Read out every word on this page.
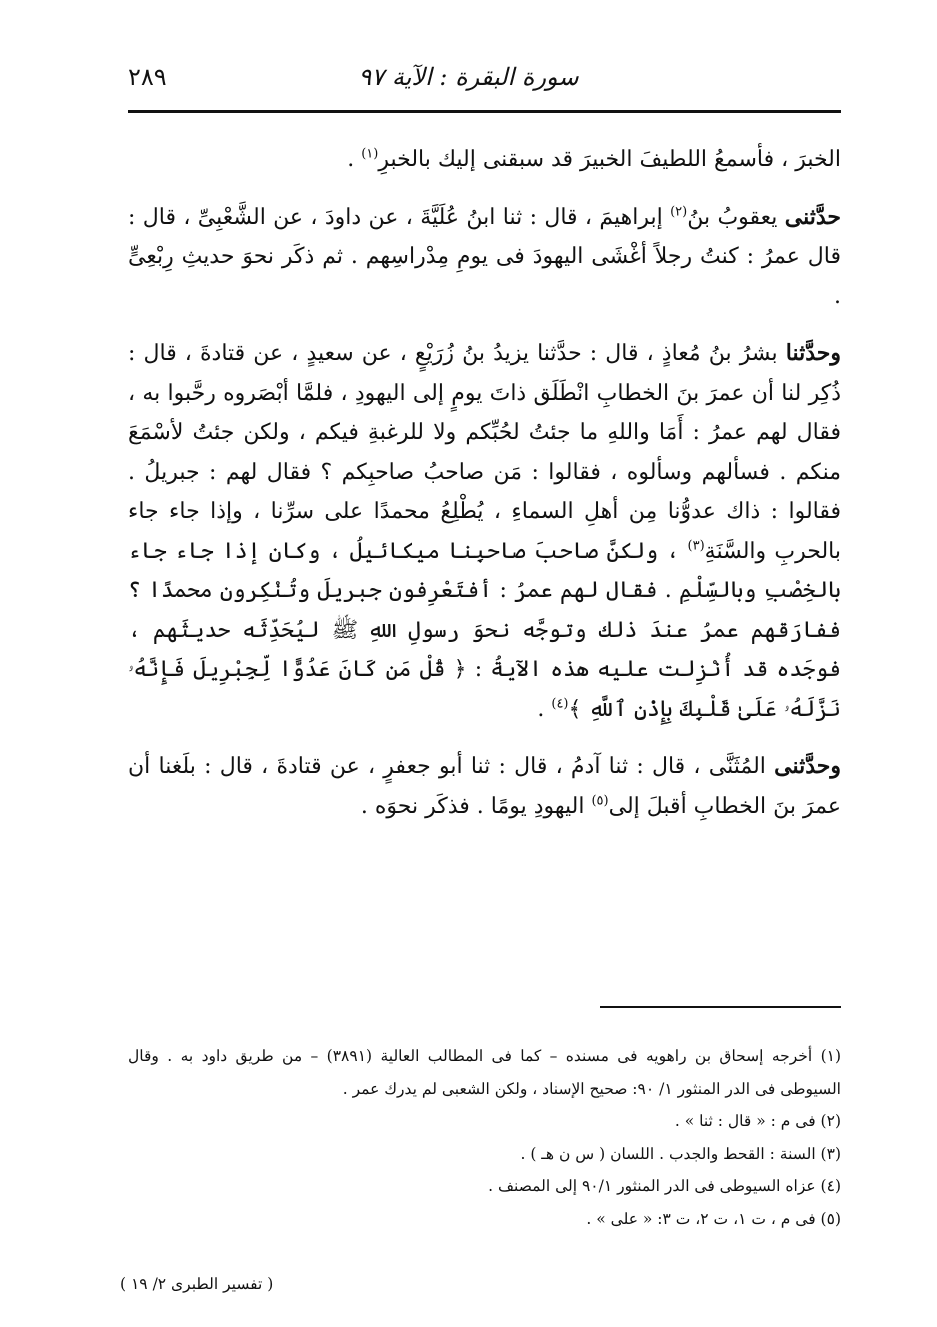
٢٨٩	سورة البقرة : الآية ٩٧

الخبرَ ، فأسمعُ اللطيفَ الخبيرَ قد سبقنى إليك بالخبرِ$^{(١)}$ .

حدَّثنى يعقوبُ بنُ$^{(٢)}$ إبراهيمَ ، قال : ثنا ابنُ عُلَيَّةَ ، عن داودَ ، عن الشَّعْبِىِّ ، قال : قال عمرُ : كنتُ رجلاً أغْشَى اليهودَ فى يومِ مِدْراسِهم . ثم ذكَر نحوَ حديثِ رِبْعِىٍّ .

وحدَّثنا بشرُ بنُ مُعاذٍ ، قال : حدَّثنا يزيدُ بنُ زُرَيْعٍ ، عن سعيدٍ ، عن قتادةَ ، قال : ذُكِر لنا أن عمرَ بنَ الخطابِ انْطَلَق ذاتَ يومٍ إلى اليهودِ ، فلمَّا أبْصَروه رحَّبوا به ، فقال لهم عمرُ : أَمَا واللهِ ما جئتُ لحُبِّكم ولا للرغبةِ فيكم ، ولكن جئتُ لأسْمَعَ منكم . فسألهم وسألوه ، فقالوا : مَن صاحبُ صاحبِكم ؟ فقال لهم : جبريلُ . فقالوا : ذاك عدوُّنا مِن أهلِ السماءِ ، يُطْلِعُ محمدًا على سرِّنا ، وإذا جاء جاء بالحربِ والسَّنَةِ$^{(٣)}$ ، ولكنَّ صاحبَ صاحبِنا ميكائيلُ ، وكان إذا جاء جاء بالخِصْبِ وبالسِّلْمِ . فقال لهم عمرُ : أفتَعْرِفون جبريلَ وتُنْكِرون محمدًا ؟ ففارَقهم عمرُ عندَ ذلك وتوجَّه نحوَ رسولِ اللهِ ﷺ ليُحَدِّثَه حديثَهم ، فوجَده قد أُنْزِلت عليه هذه الآيةُ : ﴿ قُلْ مَن كَانَ عَدُوًّا لِّجِبْرِيلَ فَإِنَّهُۥ نَزَّلَهُۥ عَلَىٰ قَلْبِكَ بِإِذْنِ ٱللَّهِ ﴾$^{(٤)}$ .

وحدَّثنى المُثَنَّى ، قال : ثنا آدمُ ، قال : ثنا أبو جعفرٍ ، عن قتادةَ ، قال : بلَغنا أن عمرَ بنَ الخطابِ أقبلَ إلى$^{(٥)}$ اليهودِ يومًا . فذكَر نحوَه .

(١) أخرجه إسحاق بن راهويه فى مسنده – كما فى المطالب العالية (٣٨٩١) – من طريق داود به . وقال السيوطى فى الدر المنثور ١/ ٩٠: صحيح الإسناد ، ولكن الشعبى لم يدرك عمر .

(٢) فى م : « قال : ثنا » .

(٣) السنة : القحط والجدب . اللسان ( س ن هـ ) .

(٤) عزاه السيوطى فى الدر المنثور ٩٠/١ إلى المصنف .

(٥) فى م ، ت ١، ت ٢، ت ٣: « على » .

( تفسير الطبرى ٢/ ١٩ )
